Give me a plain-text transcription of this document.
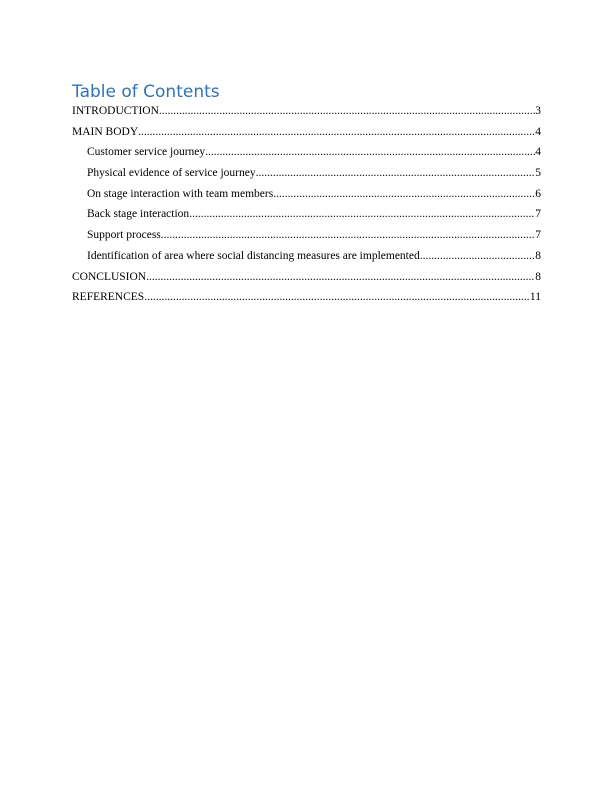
Table of Contents
INTRODUCTION .....	3
MAIN BODY .....	4
Customer service journey .....	4
Physical evidence of service journey .....	5
On stage interaction with team members .....	6
Back stage interaction .....	7
Support process .....	7
Identification of area where social distancing measures are implemented .....	8
CONCLUSION .....	8
REFERENCES .....	11
